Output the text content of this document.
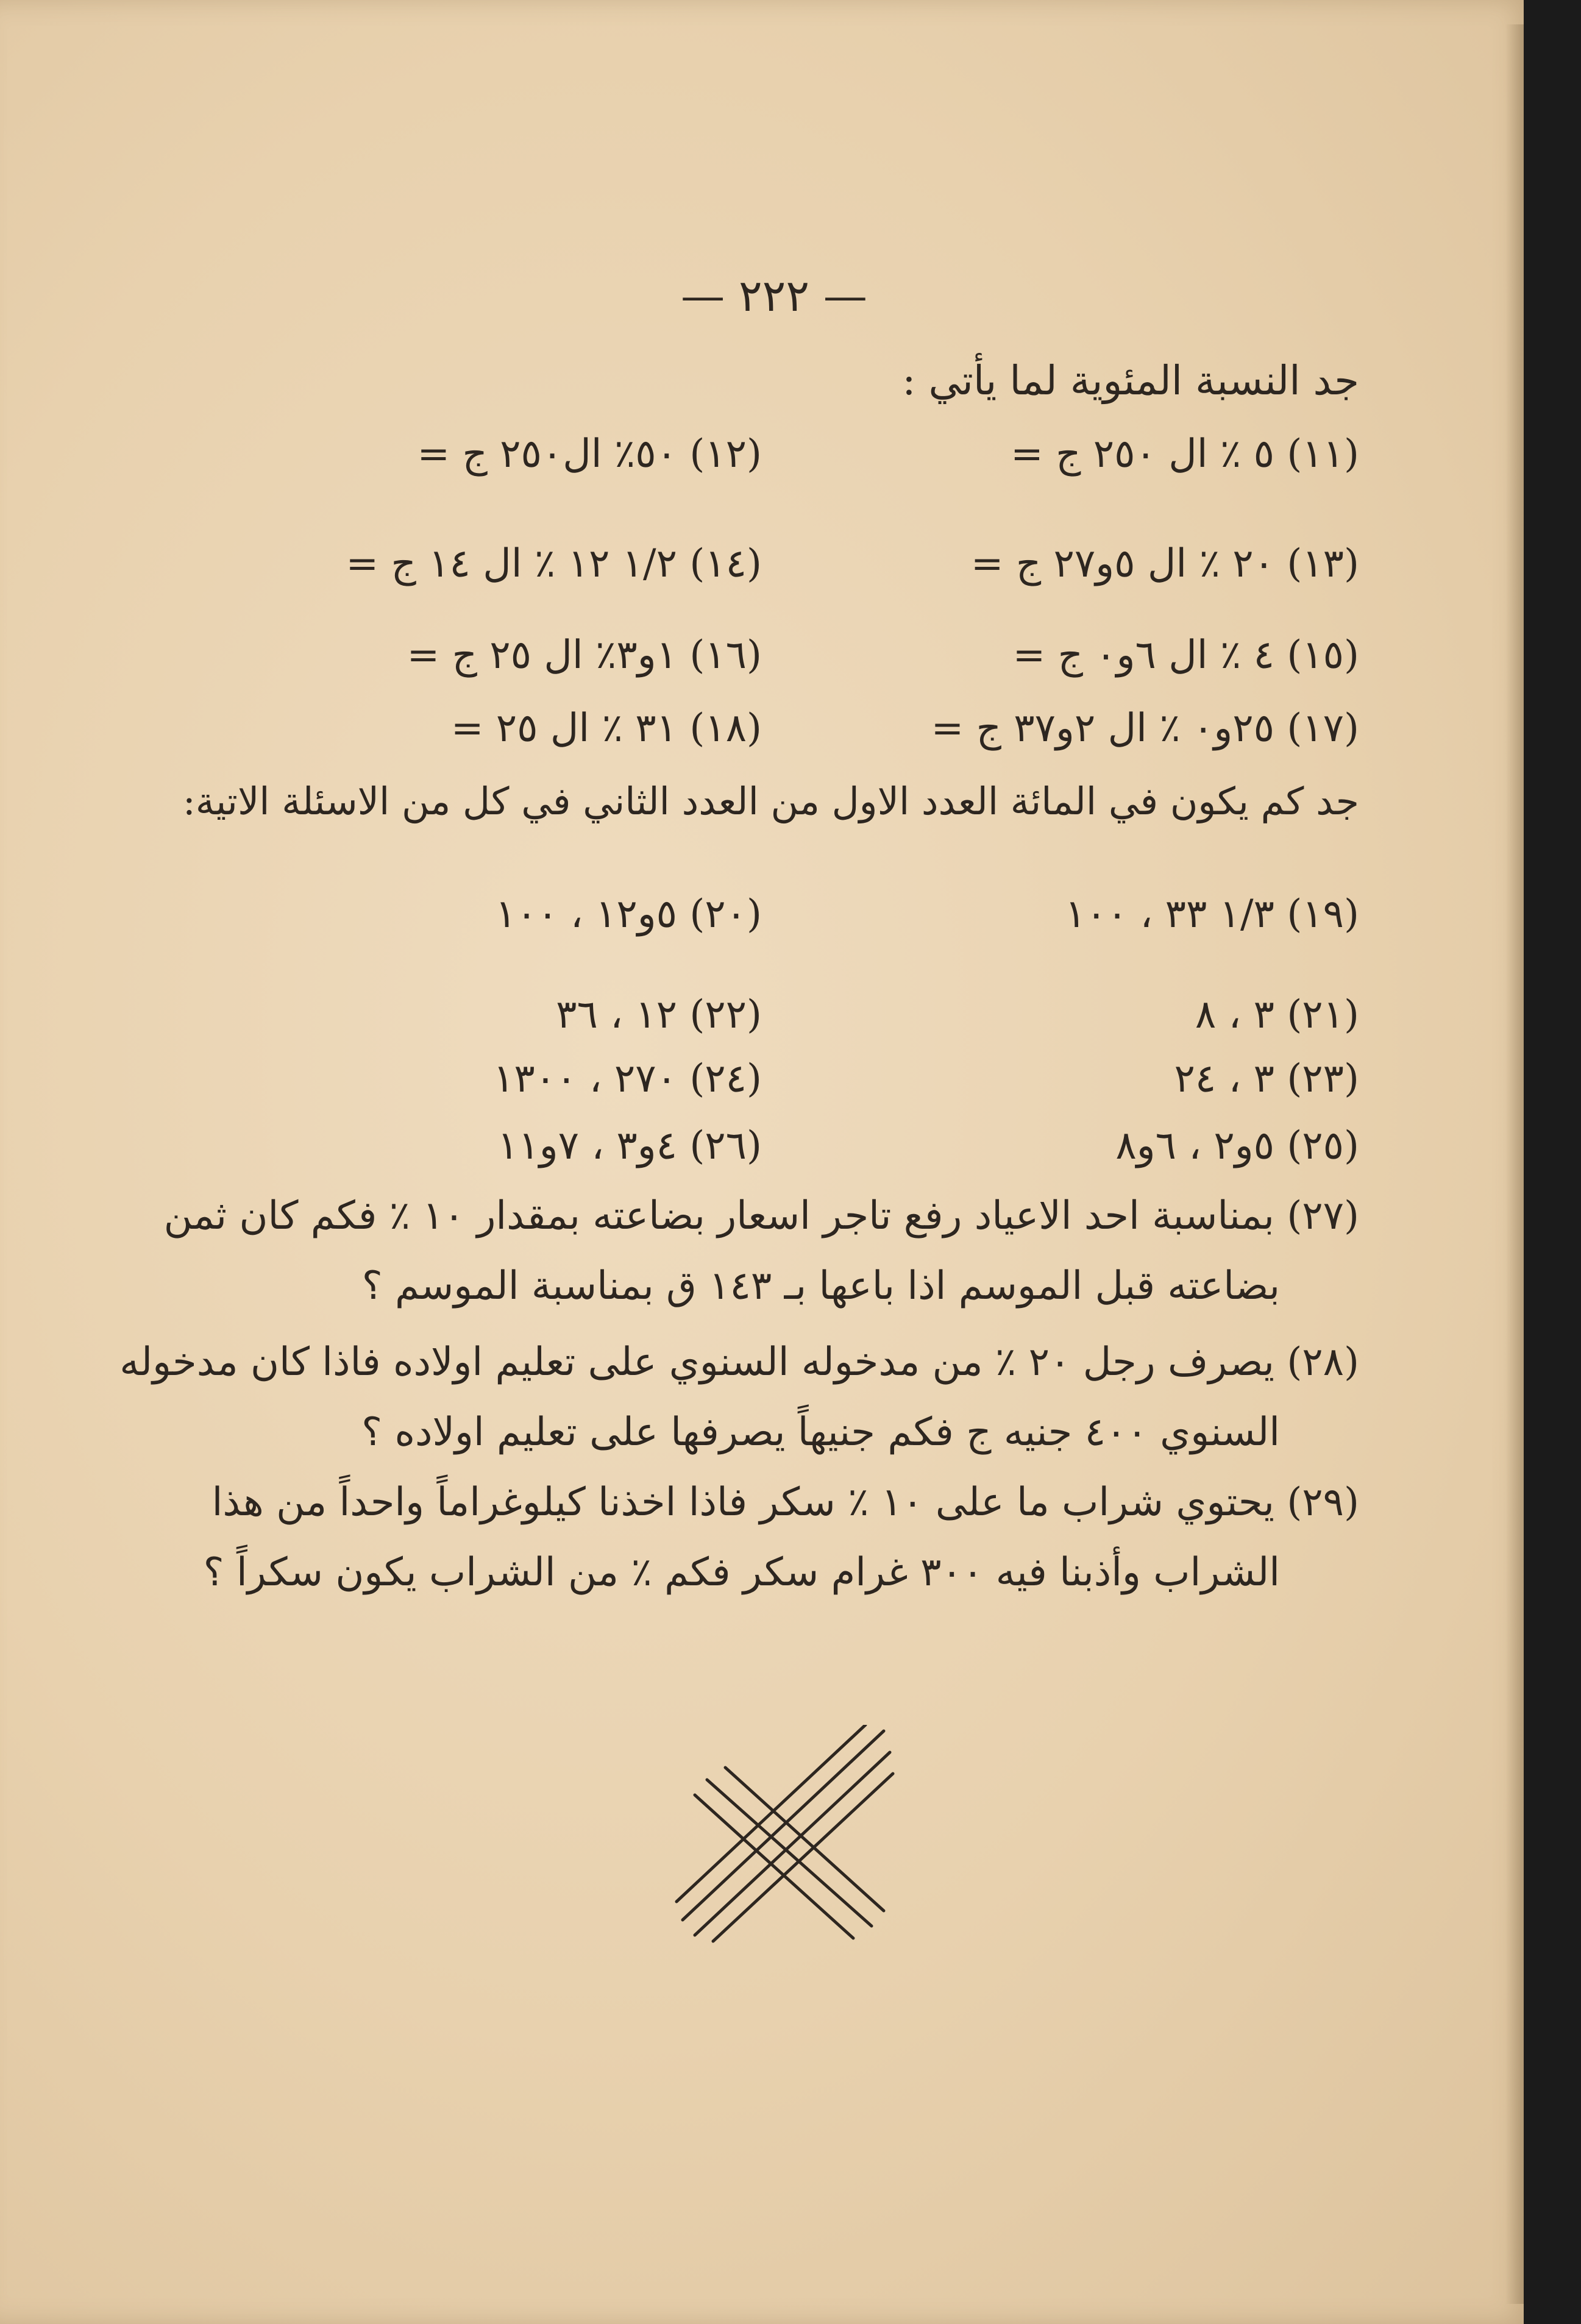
— ٢٢٢ —
جد النسبة المئوية لما يأتي :
(١١) ٥ ٪ ال ٢٥٠ ج =
(١٢) ٥٠٪ ال٢٥٠ ج =
(١٣) ٢٠ ٪ ال ٥و٢٧ ج =
(١٤) ١/٢ ١٢ ٪ ال ١٤ ج =
(١٥) ٤ ٪ ال ٦و٠ ج =
(١٦) ١و٣٪ ال ٢٥ ج =
(١٧) ٢٥و٠ ٪ ال ٢و٣٧ ج =
(١٨) ٣١ ٪ ال ٢٥ =
جد كم يكون في المائة العدد الاول من العدد الثاني في كل من الاسئلة الاتية:
(١٩) ١/٣ ٣٣ ، ١٠٠
(٢٠) ٥و١٢ ، ١٠٠
(٢١) ٣ ، ٨
(٢٢) ١٢ ، ٣٦
(٢٣) ٣ ، ٢٤
(٢٤) ٢٧٠ ، ١٣٠٠
(٢٥) ٥و٢ ، ٦و٨
(٢٦) ٤و٣ ، ٧و١١
(٢٧) بمناسبة احد الاعياد رفع تاجر اسعار بضاعته بمقدار ١٠ ٪ فكم كان ثمن
بضاعته قبل الموسم اذا باعها بـ ١٤٣ ق بمناسبة الموسم ؟
(٢٨) يصرف رجل ٢٠ ٪ من مدخوله السنوي على تعليم اولاده فاذا كان مدخوله
السنوي ٤٠٠ جنيه ج فكم جنيهاً يصرفها على تعليم اولاده ؟
(٢٩) يحتوي شراب ما على ١٠ ٪ سكر فاذا اخذنا كيلوغراماً واحداً من هذا
الشراب وأذبنا فيه ٣٠٠ غرام سكر فكم ٪ من الشراب يكون سكراً ؟
